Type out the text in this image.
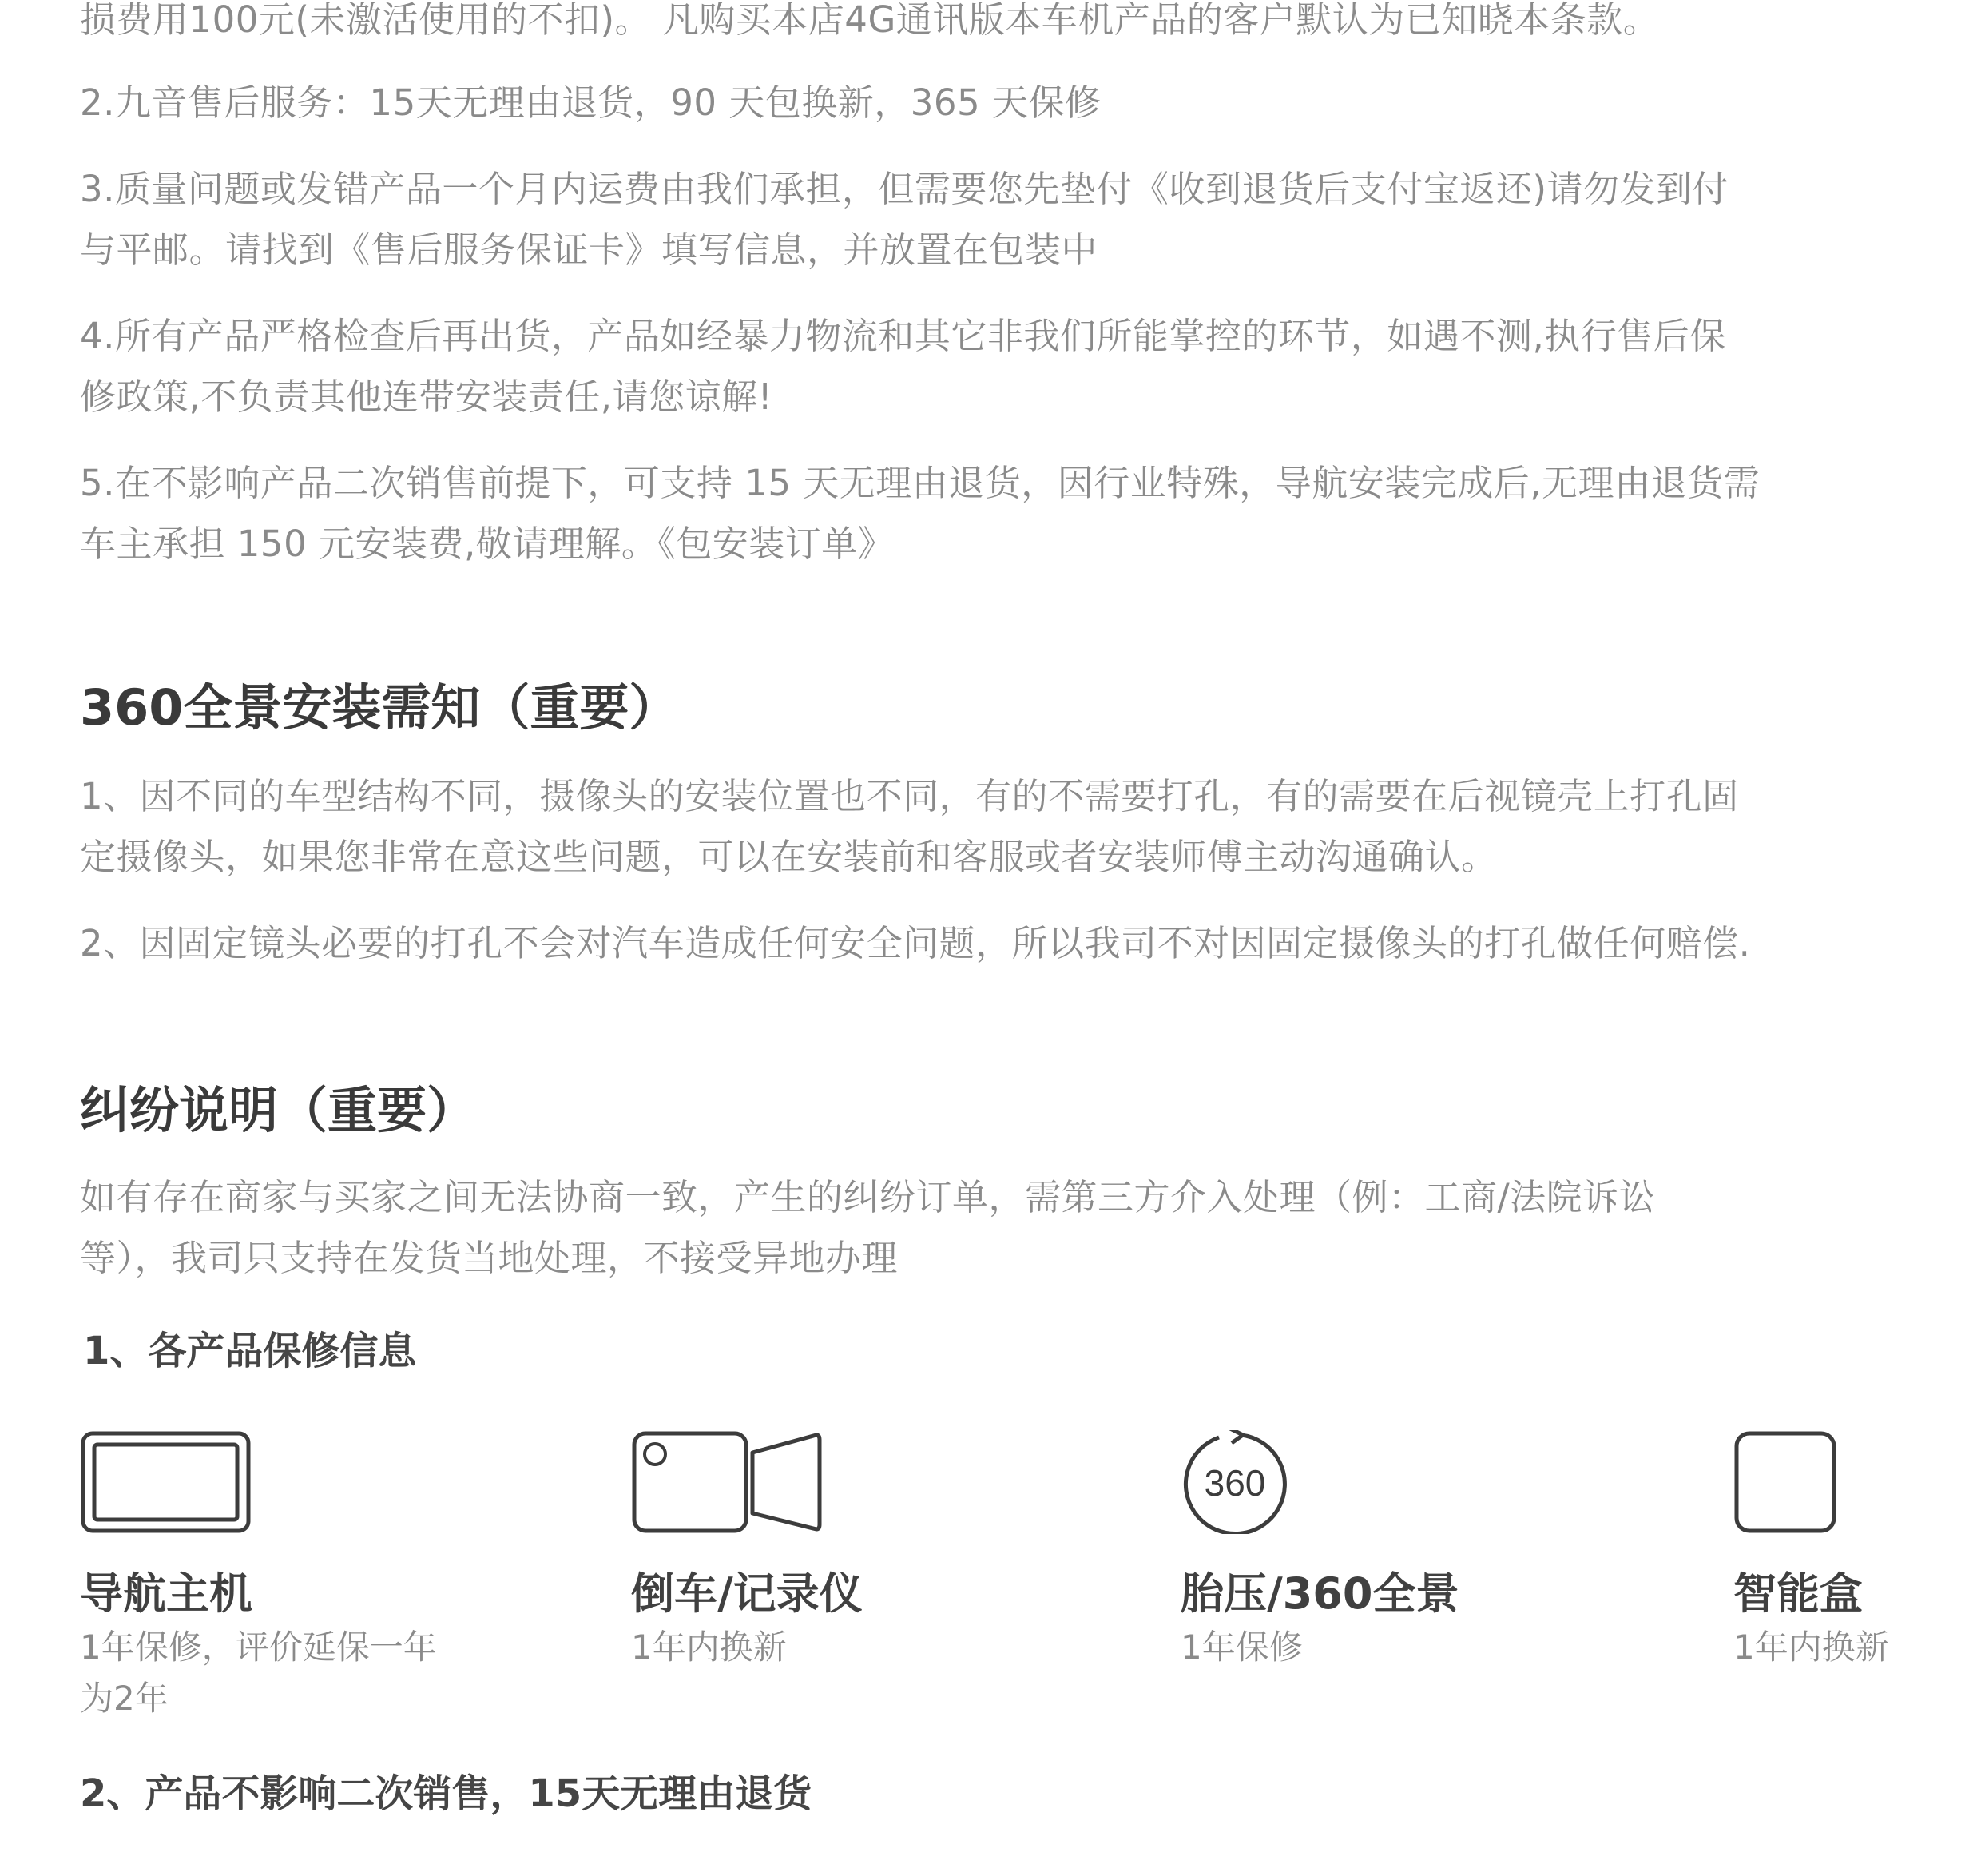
损费用100元(未激活使用的不扣)。 凡购买本店4G通讯版本车机产品的客户默认为已知晓本条款。

2.九音售后服务：15天无理由退货，90 天包换新，365 天保修

3.质量问题或发错产品一个月内运费由我们承担，但需要您先垫付《收到退货后支付宝返还)请勿发到付

与平邮。请找到《售后服务保证卡》填写信息，并放置在包装中

4.所有产品严格检查后再出货，产品如经暴力物流和其它非我们所能掌控的环节，如遇不测,执行售后保

修政策,不负责其他连带安装责任,请您谅解!

5.在不影响产品二次销售前提下，可支持 15 天无理由退货，因行业特殊，导航安装完成后,无理由退货需

车主承担 150 元安装费,敬请理解。《包安装订单》

360全景安装需知（重要）

1、因不同的车型结构不同，摄像头的安装位置也不同，有的不需要打孔，有的需要在后视镜壳上打孔固

定摄像头，如果您非常在意这些问题，可以在安装前和客服或者安装师傅主动沟通确认。

2、因固定镜头必要的打孔不会对汽车造成任何安全问题，所以我司不对因固定摄像头的打孔做任何赔偿.

纠纷说明（重要）

如有存在商家与买家之间无法协商一致，产生的纠纷订单，需第三方介入处理（例：工商/法院诉讼

等），我司只支持在发货当地处理，不接受异地办理

1、各产品保修信息
导航主机
1年保修，评价延保一年
为2年
倒车/记录仪
1年内换新
360
胎压/360全景
1年保修
智能盒
1年内换新
2、产品不影响二次销售，15天无理由退货
